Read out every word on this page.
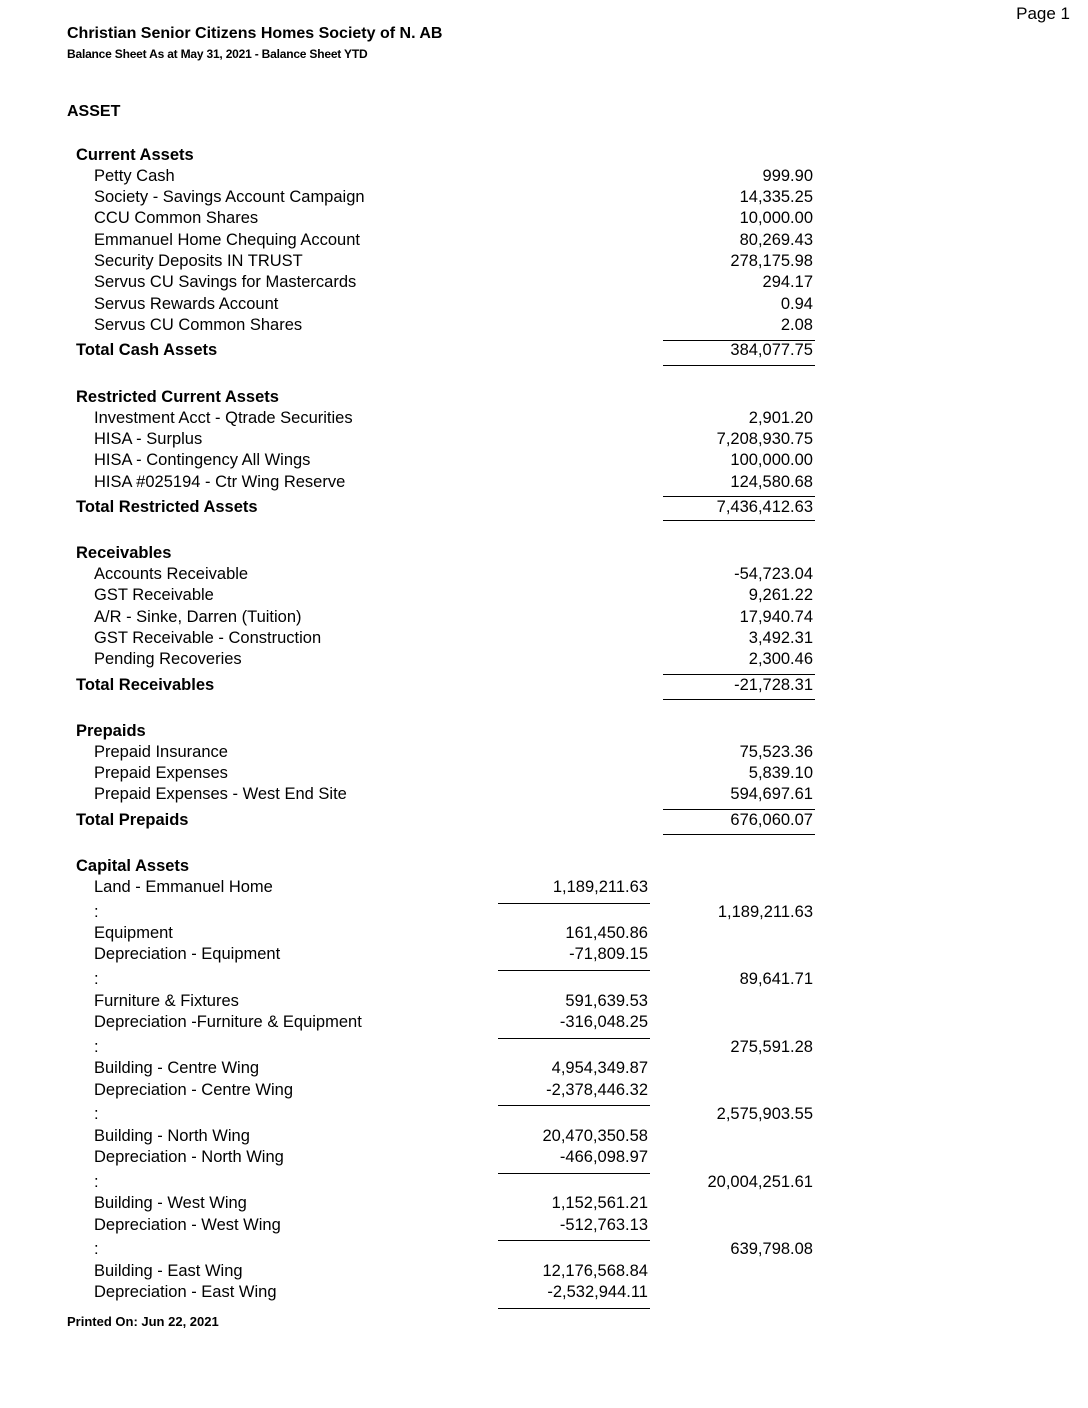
Page 1
Christian Senior Citizens Homes Society of N. AB
Balance Sheet As at May 31, 2021 - Balance Sheet YTD
ASSET
Current Assets
Petty Cash	999.90
Society - Savings Account Campaign	14,335.25
CCU Common Shares	10,000.00
Emmanuel Home Chequing Account	80,269.43
Security Deposits IN TRUST	278,175.98
Servus CU Savings for Mastercards	294.17
Servus Rewards Account	0.94
Servus CU Common Shares	2.08
Total Cash Assets	384,077.75
Restricted Current Assets
Investment Acct - Qtrade Securities	2,901.20
HISA - Surplus	7,208,930.75
HISA - Contingency All Wings	100,000.00
HISA #025194 - Ctr Wing Reserve	124,580.68
Total Restricted Assets	7,436,412.63
Receivables
Accounts Receivable	-54,723.04
GST Receivable	9,261.22
A/R - Sinke, Darren (Tuition)	17,940.74
GST Receivable - Construction	3,492.31
Pending Recoveries	2,300.46
Total Receivables	-21,728.31
Prepaids
Prepaid Insurance	75,523.36
Prepaid Expenses	5,839.10
Prepaid Expenses - West End Site	594,697.61
Total Prepaids	676,060.07
Capital Assets
Land - Emmanuel Home	1,189,211.63
:	1,189,211.63
Equipment	161,450.86
Depreciation - Equipment	-71,809.15
:	89,641.71
Furniture & Fixtures	591,639.53
Depreciation -Furniture & Equipment	-316,048.25
:	275,591.28
Building - Centre Wing	4,954,349.87
Depreciation - Centre Wing	-2,378,446.32
:	2,575,903.55
Building - North Wing	20,470,350.58
Depreciation - North Wing	-466,098.97
:	20,004,251.61
Building - West Wing	1,152,561.21
Depreciation - West Wing	-512,763.13
:	639,798.08
Building - East Wing	12,176,568.84
Depreciation - East Wing	-2,532,944.11
Printed On: Jun 22, 2021
